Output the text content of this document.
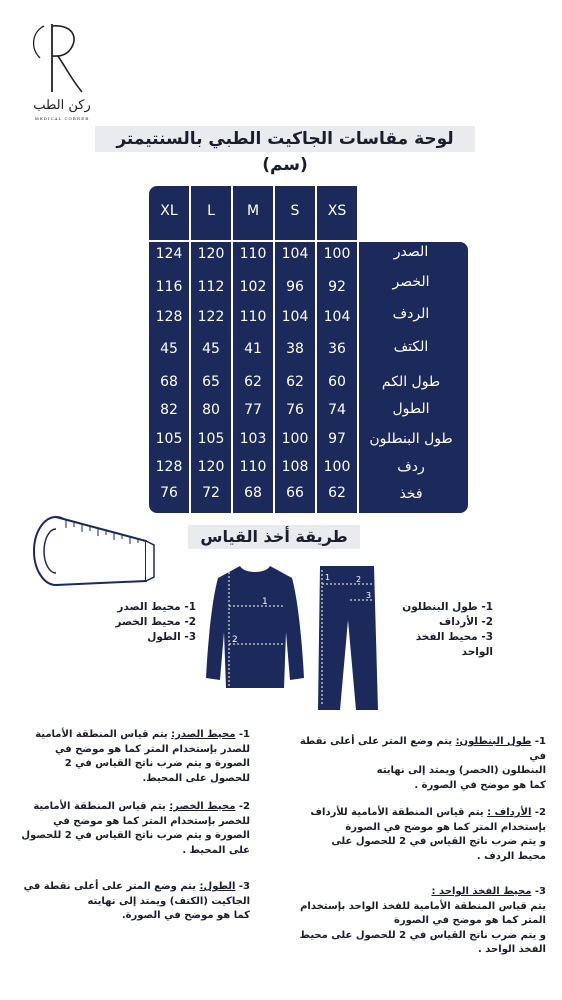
ركن الطب
MEDICAL CORNER
لوحة مقاسات الجاكيت الطبي بالسنتيمتر (سم)
XL	L	M	S	XS
الصدر
124	120	110	104	100
الخصر
116	112	102	96	92
الردف
128	122	110	104	104
الكتف
45	45	41	38	36
طول الكم
68	65	62	62	60
الطول
82	80	77	76	74
طول البنطلون
105	105	103	100	97
ردف
128	120	110	108	100
فخذ
76	72	68	66	62
طريقة أخذ القياس
1- محيط الصدر
2- محيط الخصر
3- الطول
1
2
3
1	2
3
1- طول البنطلون
2- الأرداف
3- محيط الفخذ الواحد
1- محيط الصدر: يتم قياس المنطقة الأمامية
للصدر بإستخدام المتر كما هو موضح في
الصورة و يتم ضرب ناتج القياس في 2
للحصول على المحيط.
2- محيط الخصر: يتم قياس المنطقة الأمامية
للخصر بإستخدام المتر كما هو موضح في
الصورة و يتم ضرب ناتج القياس في 2 للحصول
على المحيط .
3- الطول: يتم وضع المتر على أعلى نقطة في
الجاكيت (الكتف) ويمتد إلى نهايته
كما هو موضح في الصورة.
1- طول البنطلون: يتم وضع المتر على أعلى نقطة في
البنطلون (الخصر) ويمتد إلى نهايته
كما هو موضح في الصورة .
2- الأرداف : يتم قياس المنطقة الأمامية للأرداف
بإستخدام المتر كما هو موضح في الصورة
و يتم ضرب ناتج القياس في 2 للحصول على
محيط الردف .
3- محيط الفخذ الواحد :
يتم قياس المنطقة الأمامية للفخذ الواحد بإستخدام
المتر كما هو موضح في الصورة
و يتم ضرب ناتج القياس في 2 للحصول على محيط
الفخذ الواحد .
